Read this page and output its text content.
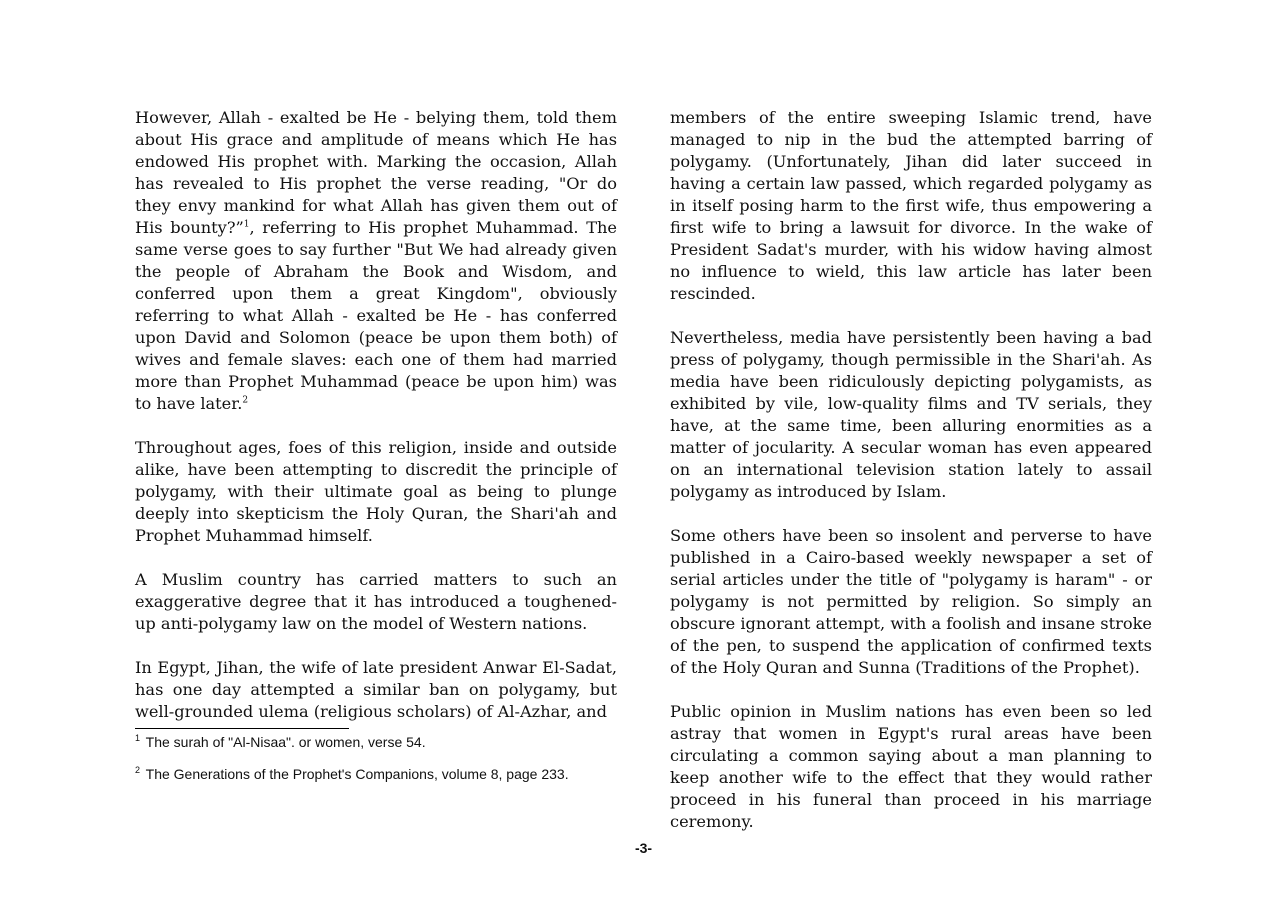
However, Allah - exalted be He - belying them, told them about His grace and amplitude of means which He has endowed His prophet with. Marking the occasion, Allah has revealed to His prophet the verse reading, "Or do they envy mankind for what Allah has given them out of His bounty?”$^1$, referring to His prophet Muhammad. The same verse goes to say further "But We had already given the people of Abraham the Book and Wisdom, and conferred upon them a great Kingdom", obviously referring to what Allah - exalted be He - has conferred upon David and Solomon (peace be upon them both) of wives and female slaves: each one of them had married more than Prophet Muhammad (peace be upon him) was to have later.$^2$

Throughout ages, foes of this religion, inside and outside alike, have been attempting to discredit the principle of polygamy, with their ultimate goal as being to plunge deeply into skepticism the Holy Quran, the Shari'ah and Prophet Muhammad himself.

A Muslim country has carried matters to such an exaggerative degree that it has introduced a toughened-up anti-polygamy law on the model of Western nations.

In Egypt, Jihan, the wife of late president Anwar El-Sadat, has one day attempted a similar ban on polygamy, but well-grounded ulema (religious scholars) of Al-Azhar, and

members of the entire sweeping Islamic trend, have managed to nip in the bud the attempted barring of polygamy. (Unfortunately, Jihan did later succeed in having a certain law passed, which regarded polygamy as in itself posing harm to the first wife, thus empowering a first wife to bring a lawsuit for divorce. In the wake of President Sadat's murder, with his widow having almost no influence to wield, this law article has later been rescinded.

Nevertheless, media have persistently been having a bad press of polygamy, though permissible in the Shari'ah. As media have been ridiculously depicting polygamists, as exhibited by vile, low-quality films and TV serials, they have, at the same time, been alluring enormities as a matter of jocularity. A secular woman has even appeared on an international television station lately to assail polygamy as introduced by Islam.

Some others have been so insolent and perverse to have published in a Cairo-based weekly newspaper a set of serial articles under the title of "polygamy is haram" - or polygamy is not permitted by religion. So simply an obscure ignorant attempt, with a foolish and insane stroke of the pen, to suspend the application of confirmed texts of the Holy Quran and Sunna (Traditions of the Prophet).

Public opinion in Muslim nations has even been so led astray that women in Egypt's rural areas have been circulating a common saying about a man planning to keep another wife to the effect that they would rather proceed in his funeral than proceed in his marriage ceremony.

$^1$ The surah of "Al-Nisaa". or women, verse 54.

$^2$ The Generations of the Prophet's Companions, volume 8, page 233.

-3-
